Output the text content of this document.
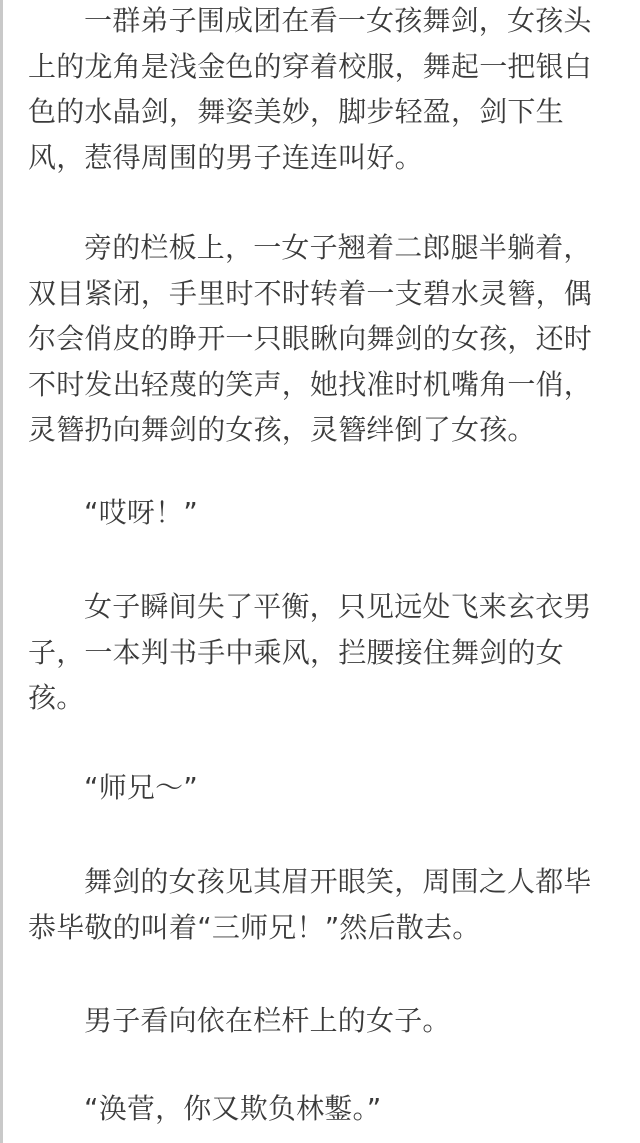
一群弟子围成团在看一女孩舞剑，女孩头上的龙角是浅金色的穿着校服，舞起一把银白色的水晶剑，舞姿美妙，脚步轻盈，剑下生风，惹得周围的男子连连叫好。

旁的栏板上，一女子翘着二郎腿半躺着，双目紧闭，手里时不时转着一支碧水灵簪，偶尔会俏皮的睁开一只眼瞅向舞剑的女孩，还时不时发出轻蔑的笑声，她找准时机嘴角一俏，灵簪扔向舞剑的女孩，灵簪绊倒了女孩。

“哎呀！”

女子瞬间失了平衡，只见远处飞来玄衣男子，一本判书手中乘风，拦腰接住舞剑的女孩。

“师兄～”

舞剑的女孩见其眉开眼笑，周围之人都毕恭毕敬的叫着“三师兄！”然后散去。

男子看向依在栏杆上的女子。

“涣菅，你又欺负林鏨。”
